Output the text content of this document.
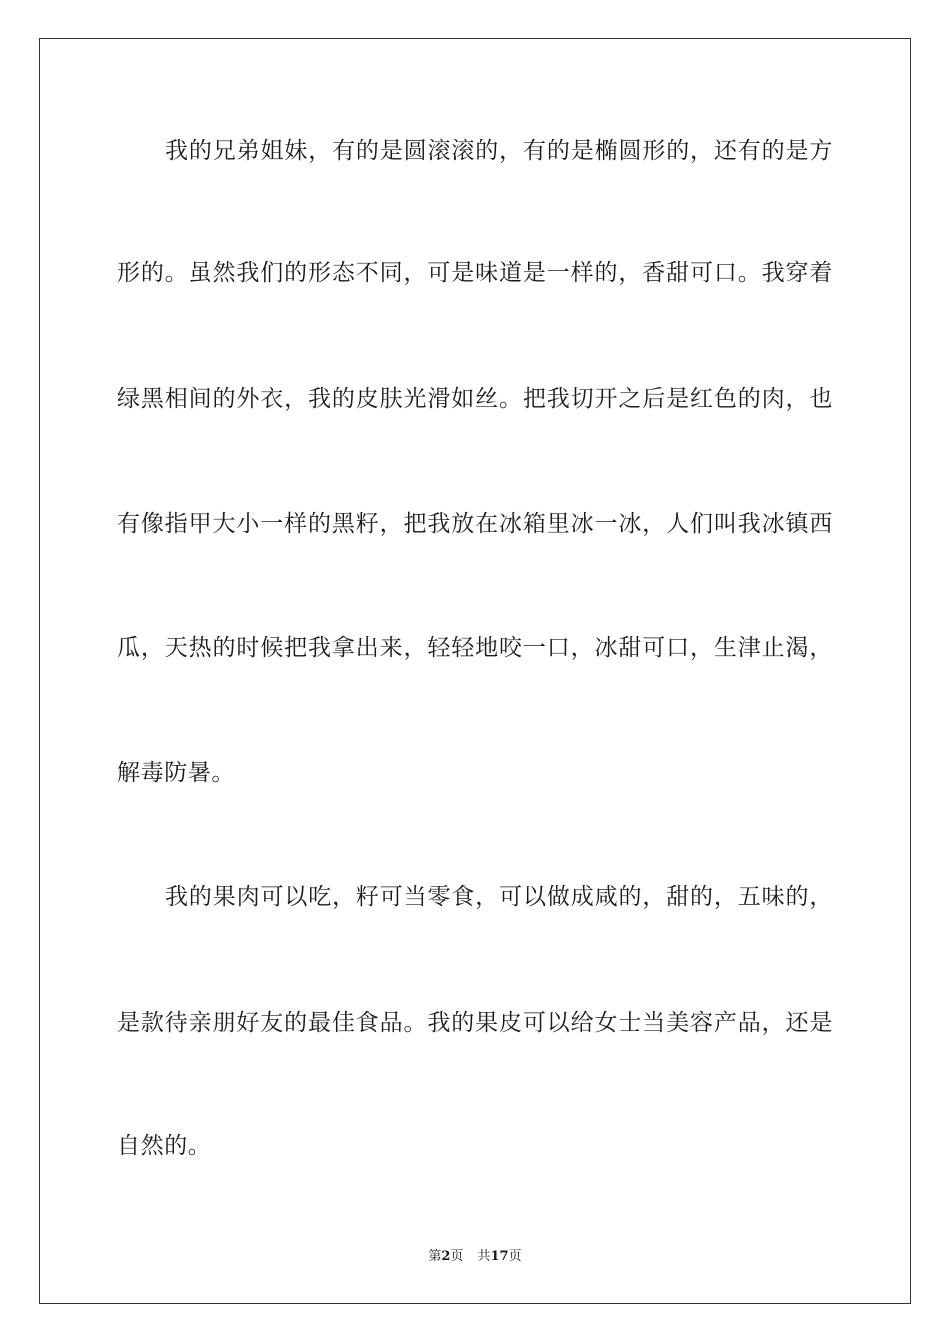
我的兄弟姐妹，有的是圆滚滚的，有的是椭圆形的，还有的是方
形的。虽然我们的形态不同，可是味道是一样的，香甜可口。我穿着
绿黑相间的外衣，我的皮肤光滑如丝。把我切开之后是红色的肉，也
有像指甲大小一样的黑籽，把我放在冰箱里冰一冰，人们叫我冰镇西
瓜，天热的时候把我拿出来，轻轻地咬一口，冰甜可口，生津止渴，
解毒防暑。
我的果肉可以吃，籽可当零食，可以做成咸的，甜的，五味的，
是款待亲朋好友的最佳食品。我的果皮可以给女士当美容产品，还是
自然的。
第2页 共17页
